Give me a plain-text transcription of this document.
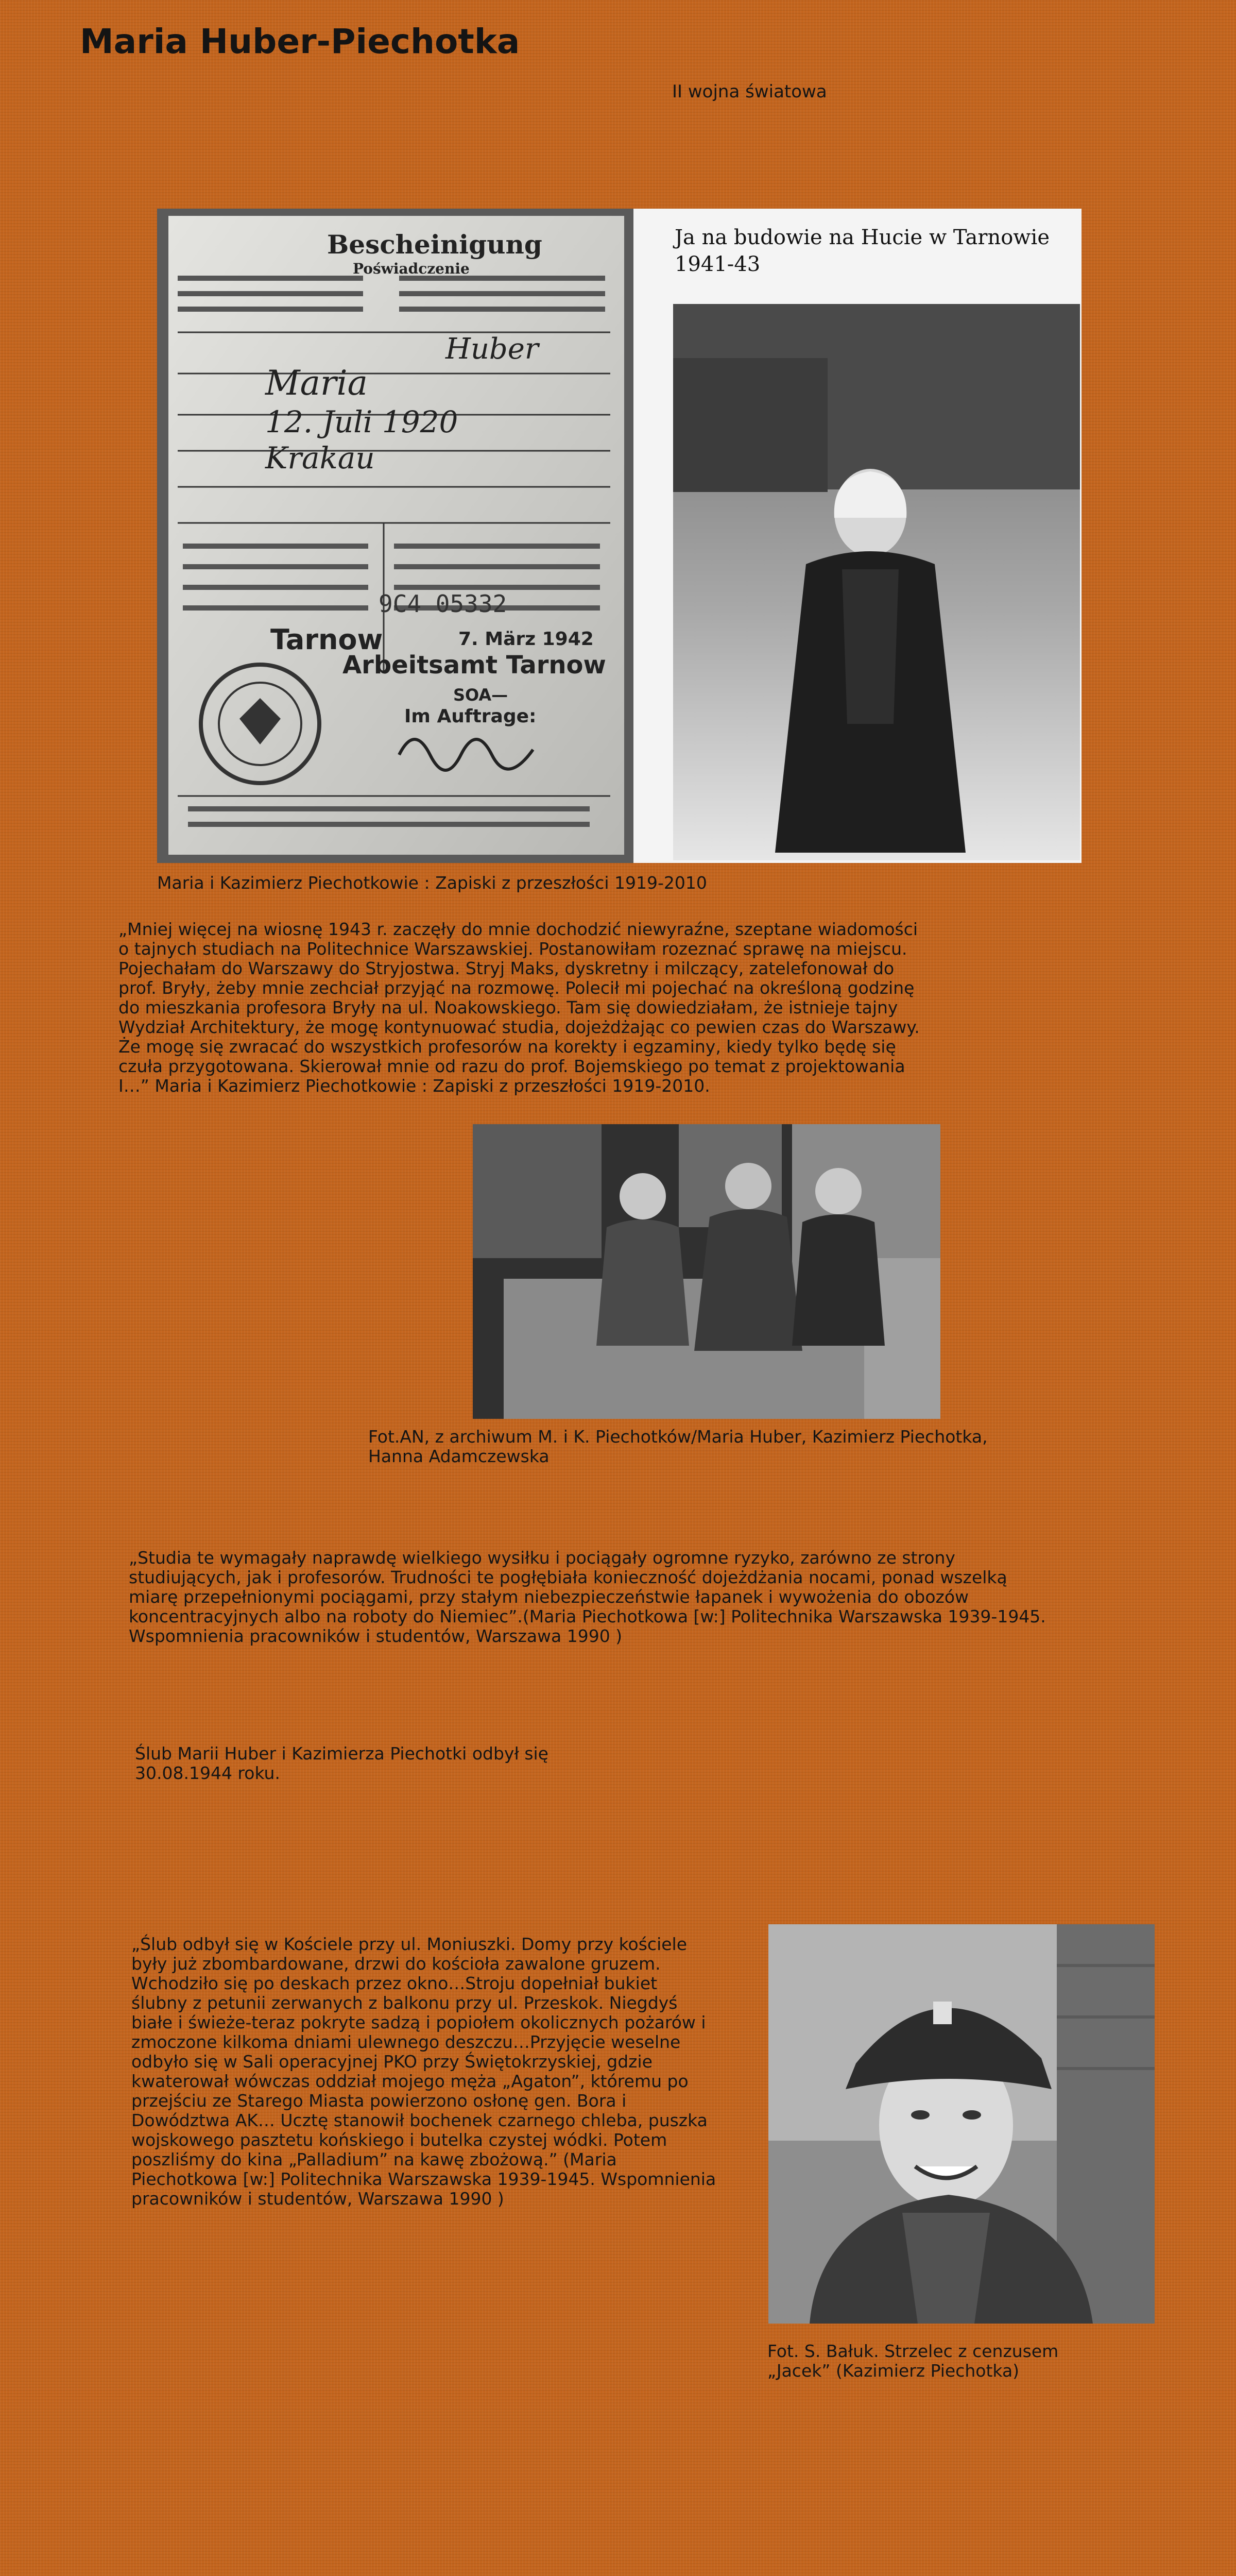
Maria Huber-Piechotka
II wojna światowa
Ja na budowie na Hucie w Tarnowie
1941-43
Bescheinigung
Poświadczenie
Huber
Maria
12. Juli 1920
Krakau
9C4 05332
Tarnow	7. März 1942
Arbeitsamt Tarnow
SOA—
Im Auftrage:
Maria i Kazimierz Piechotkowie : Zapiski z przeszłości 1919-2010
„Mniej więcej na wiosnę 1943 r. zaczęły do mnie dochodzić niewyraźne, szeptane wiadomości o tajnych studiach na Politechnice Warszawskiej. Postanowiłam rozeznać sprawę na miejscu. Pojechałam do Warszawy do Stryjostwa. Stryj Maks, dyskretny i milczący, zatelefonował do prof. Bryły, żeby mnie zechciał przyjąć na rozmowę. Polecił mi pojechać na określoną godzinę do mieszkania profesora Bryły na ul. Noakowskiego. Tam się dowiedziałam, że istnieje tajny Wydział Architektury, że mogę kontynuować studia, dojeżdżając co pewien czas do Warszawy. Że mogę się zwracać do wszystkich profesorów na korekty i egzaminy, kiedy tylko będę się czuła przygotowana. Skierował mnie od razu do prof. Bojemskiego po temat z projektowania I…” Maria i Kazimierz Piechotkowie : Zapiski z przeszłości 1919-2010.
Fot.AN, z archiwum M. i K. Piechotków/Maria Huber, Kazimierz Piechotka, Hanna Adamczewska
„Studia te wymagały naprawdę wielkiego wysiłku i pociągały ogromne ryzyko, zarówno ze strony studiujących, jak i profesorów. Trudności te pogłębiała konieczność dojeżdżania nocami, ponad wszelką miarę przepełnionymi pociągami, przy stałym niebezpieczeństwie łapanek i wywożenia do obozów koncentracyjnych albo na roboty do Niemiec”.(Maria Piechotkowa [w:] Politechnika Warszawska 1939-1945. Wspomnienia pracowników i studentów, Warszawa 1990 )
Ślub Marii Huber i Kazimierza Piechotki odbył się 30.08.1944 roku.
„Ślub odbył się w Kościele przy ul. Moniuszki. Domy przy kościele były już zbombardowane, drzwi do kościoła zawalone gruzem. Wchodziło się po deskach przez okno…Stroju dopełniał bukiet ślubny z petunii zerwanych z balkonu przy ul. Przeskok. Niegdyś białe i świeże-teraz pokryte sadzą i popiołem okolicznych pożarów i zmoczone kilkoma dniami ulewnego deszczu…Przyjęcie weselne odbyło się w Sali operacyjnej PKO przy Świętokrzyskiej, gdzie kwaterował wówczas oddział mojego męża „Agaton”, któremu po przejściu ze Starego Miasta powierzono osłonę gen. Bora i Dowództwa AK… Ucztę stanowił bochenek czarnego chleba, puszka wojskowego pasztetu końskiego i butelka czystej wódki. Potem poszliśmy do kina „Palladium” na kawę zbożową.” (Maria Piechotkowa [w:] Politechnika Warszawska 1939-1945. Wspomnienia pracowników i studentów, Warszawa 1990 )
Fot. S. Bałuk. Strzelec z cenzusem „Jacek” (Kazimierz Piechotka)
